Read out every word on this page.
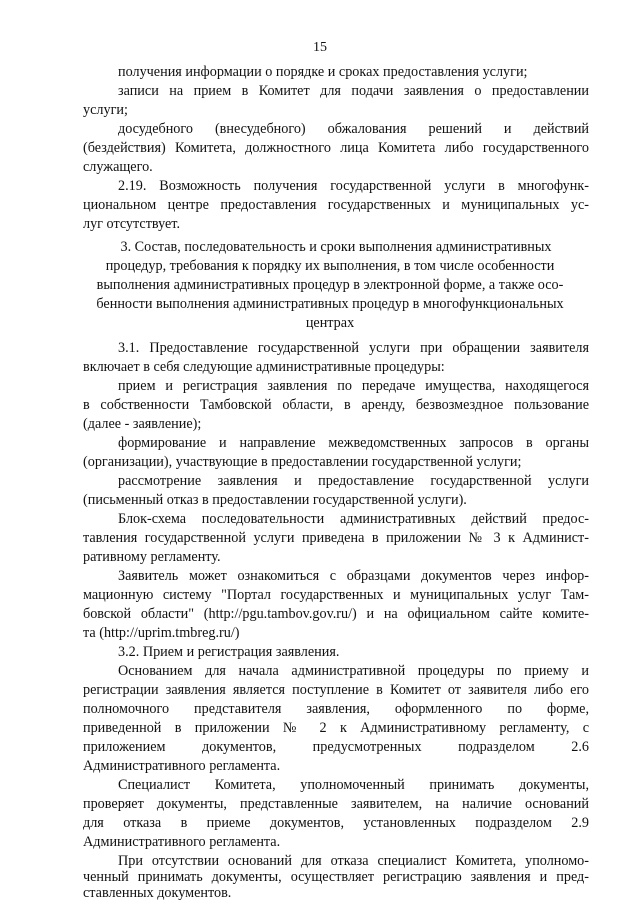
15
получения информации о порядке и сроках предоставления услуги;
записи на прием в Комитет для подачи заявления о предоставлении
услуги;
досудебного (внесудебного) обжалования решений и действий
(бездействия) Комитета, должностного лица Комитета либо государственного
служащего.
2.19. Возможность получения государственной услуги в многофунк-
циональном центре предоставления государственных и муниципальных ус-
луг отсутствует.
3. Состав, последовательность и сроки выполнения административных
процедур, требования к порядку их выполнения, в том числе особенности
выполнения административных процедур в электронной форме, а также осо-
бенности выполнения административных процедур в многофункциональных
центрах
3.1. Предоставление государственной услуги при обращении заявителя
включает в себя следующие административные процедуры:
прием и регистрация заявления по передаче имущества, находящегося
в собственности Тамбовской области, в аренду, безвозмездное пользование
(далее - заявление);
формирование и направление межведомственных запросов в органы
(организации), участвующие в предоставлении государственной услуги;
рассмотрение заявления и предоставление государственной услуги
(письменный отказ в предоставлении государственной услуги).
Блок-схема последовательности административных действий предос-
тавления государственной услуги приведена в приложении № 3 к Админист-
ративному регламенту.
Заявитель может ознакомиться с образцами документов через инфор-
мационную систему "Портал государственных и муниципальных услуг Там-
бовской области" (http://pgu.tambov.gov.ru/) и на официальном сайте комите-
та (http://uprim.tmbreg.ru/)
3.2. Прием и регистрация заявления.
Основанием для начала административной процедуры по приему и
регистрации заявления является поступление в Комитет от заявителя либо его
полномочного представителя заявления, оформленного по форме,
приведенной в приложении № 2 к Административному регламенту, с
приложением документов, предусмотренных подразделом 2.6
Административного регламента.
Специалист Комитета, уполномоченный принимать документы,
проверяет документы, представленные заявителем, на наличие оснований
для отказа в приеме документов, установленных подразделом 2.9
Административного регламента.
При отсутствии оснований для отказа специалист Комитета, уполномо-
ченный принимать документы, осуществляет регистрацию заявления и пред-
ставленных документов.
